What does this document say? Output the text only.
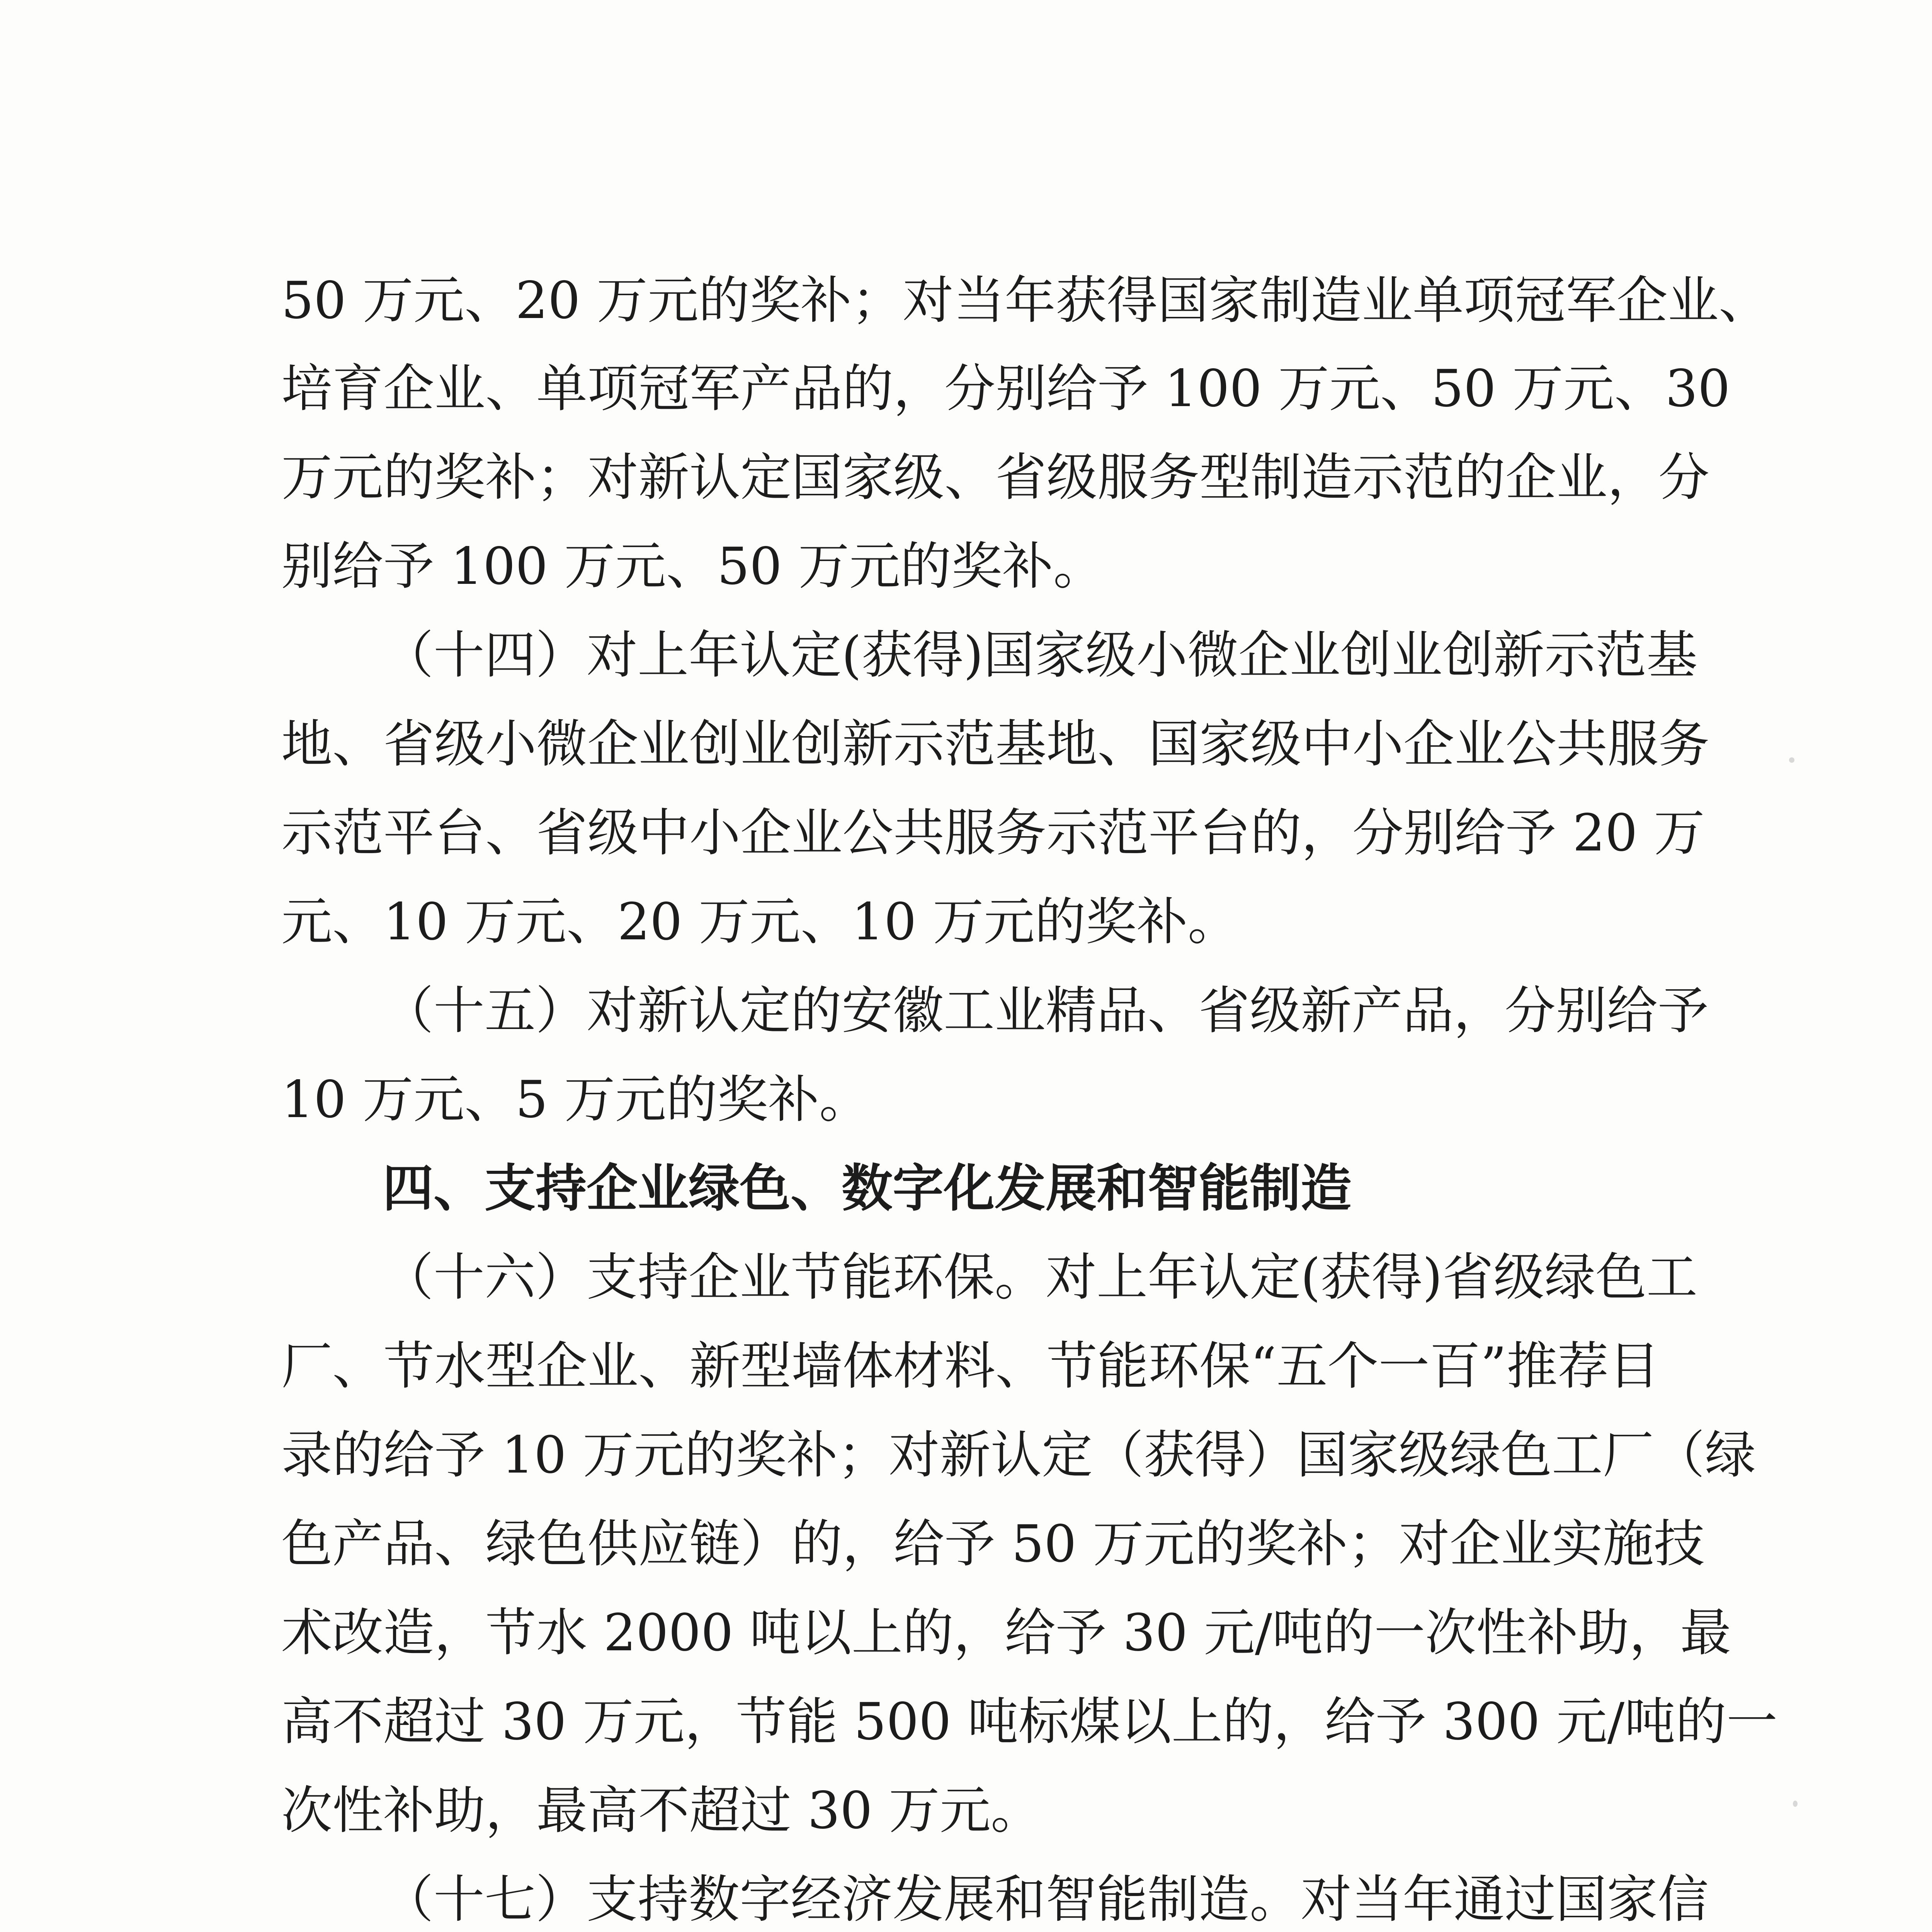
50 万元、20 万元的奖补；对当年获得国家制造业单项冠军企业、
培育企业、单项冠军产品的，分别给予 100 万元、50 万元、30
万元的奖补；对新认定国家级、省级服务型制造示范的企业，分
别给予 100 万元、50 万元的奖补。
（十四）对上年认定(获得)国家级小微企业创业创新示范基
地、省级小微企业创业创新示范基地、国家级中小企业公共服务
示范平台、省级中小企业公共服务示范平台的，分别给予 20 万
元、10 万元、20 万元、10 万元的奖补。
（十五）对新认定的安徽工业精品、省级新产品，分别给予
10 万元、5 万元的奖补。
四、支持企业绿色、数字化发展和智能制造
（十六）支持企业节能环保。对上年认定(获得)省级绿色工
厂、节水型企业、新型墙体材料、节能环保“五个一百”推荐目
录的给予 10 万元的奖补；对新认定（获得）国家级绿色工厂（绿
色产品、绿色供应链）的，给予 50 万元的奖补；对企业实施技
术改造，节水 2000 吨以上的，给予 30 元/吨的一次性补助，最
高不超过 30 万元，节能 500 吨标煤以上的，给予 300 元/吨的一
次性补助，最高不超过 30 万元。
（十七）支持数字经济发展和智能制造。对当年通过国家信
